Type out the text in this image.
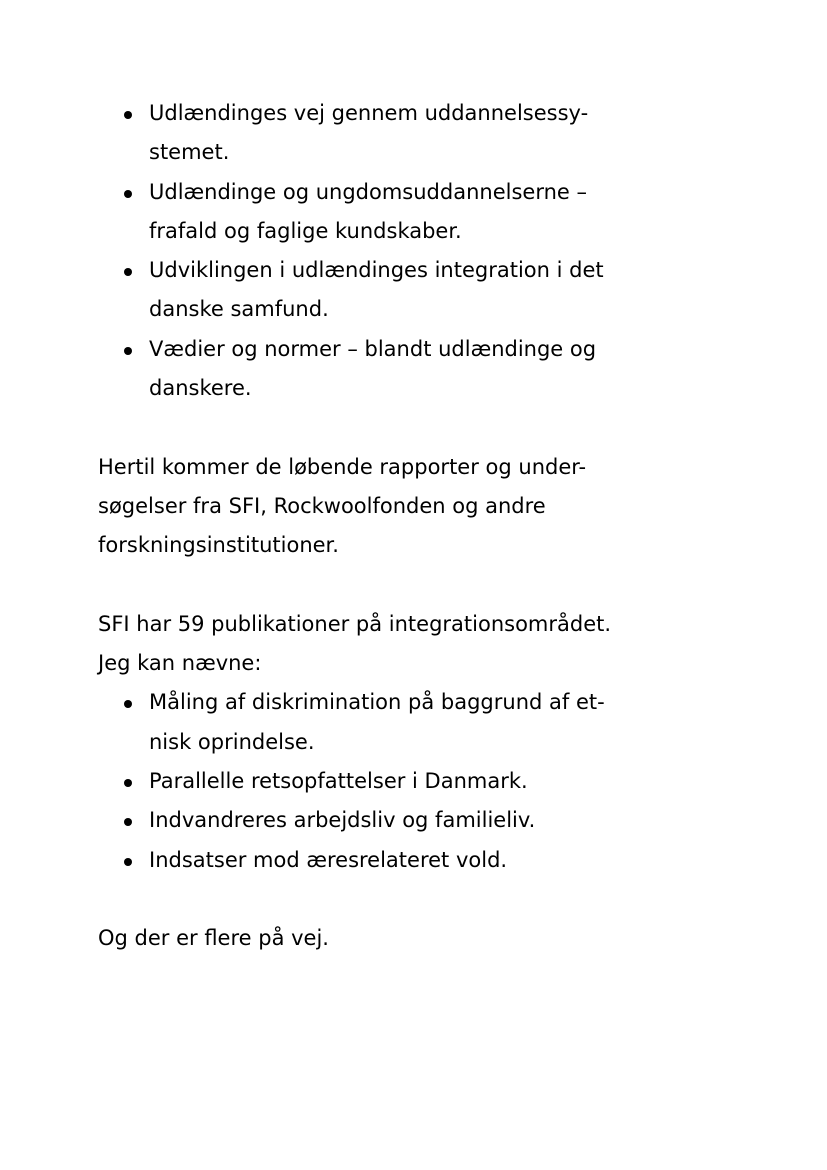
Udlændinges vej gennem uddannelsessy-
stemet.
Udlændinge og ungdomsuddannelserne –
frafald og faglige kundskaber.
Udviklingen i udlændinges integration i det
danske samfund.
Vædier og normer – blandt udlændinge og
danskere.

Hertil kommer de løbende rapporter og under-
søgelser fra SFI, Rockwoolfonden og andre
forskningsinstitutioner.

SFI har 59 publikationer på integrationsområdet.
Jeg kan nævne:

Måling af diskrimination på baggrund af et-
nisk oprindelse.
Parallelle retsopfattelser i Danmark.
Indvandreres arbejdsliv og familieliv.
Indsatser mod æresrelateret vold.

Og der er flere på vej.
